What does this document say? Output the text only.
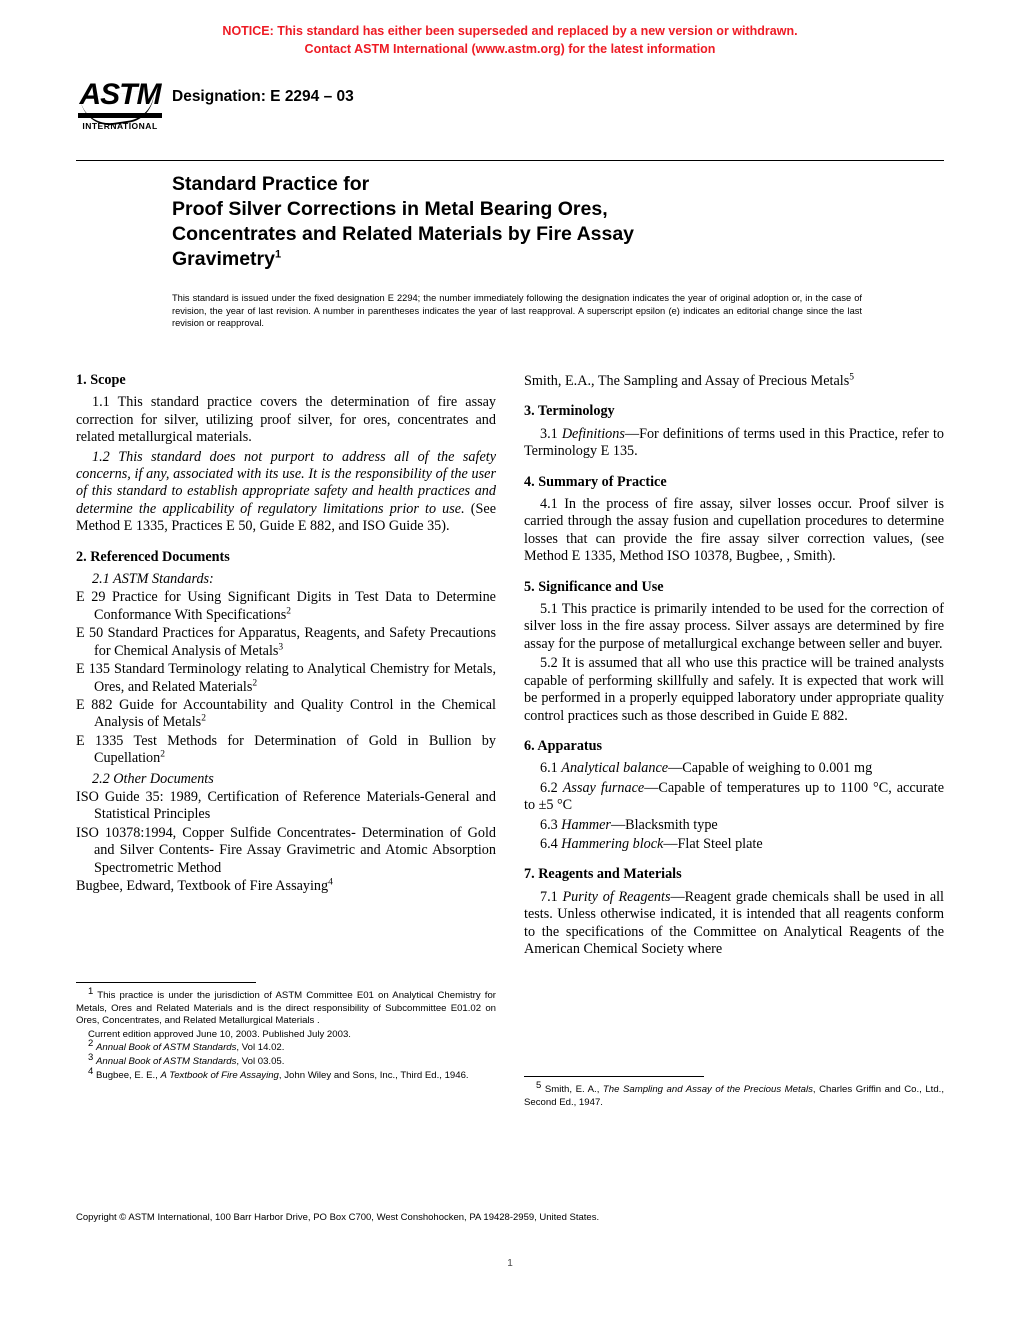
NOTICE: This standard has either been superseded and replaced by a new version or withdrawn.
Contact ASTM International (www.astm.org) for the latest information
ASTM
INTERNATIONAL
Designation: E 2294 – 03
Standard Practice for
Proof Silver Corrections in Metal Bearing Ores,
Concentrates and Related Materials by Fire Assay
Gravimetry$^1$
This standard is issued under the fixed designation E 2294; the number immediately following the designation indicates the year of original adoption or, in the case of revision, the year of last revision. A number in parentheses indicates the year of last reapproval. A superscript epsilon (e) indicates an editorial change since the last revision or reapproval.
1. Scope
1.1 This standard practice covers the determination of fire assay correction for silver, utilizing proof silver, for ores, concentrates and related metallurgical materials.
1.2 This standard does not purport to address all of the safety concerns, if any, associated with its use. It is the responsibility of the user of this standard to establish appropriate safety and health practices and determine the applicability of regulatory limitations prior to use. (See Method E 1335, Practices E 50, Guide E 882, and ISO Guide 35).
2. Referenced Documents
2.1 ASTM Standards:
E 29 Practice for Using Significant Digits in Test Data to Determine Conformance With Specifications$^2$
E 50 Standard Practices for Apparatus, Reagents, and Safety Precautions for Chemical Analysis of Metals$^3$
E 135 Standard Terminology relating to Analytical Chemistry for Metals, Ores, and Related Materials$^2$
E 882 Guide for Accountability and Quality Control in the Chemical Analysis of Metals$^2$
E 1335 Test Methods for Determination of Gold in Bullion by Cupellation$^2$
2.2 Other Documents
ISO Guide 35: 1989, Certification of Reference Materials-General and Statistical Principles
ISO 10378:1994, Copper Sulfide Concentrates- Determination of Gold and Silver Contents- Fire Assay Gravimetric and Atomic Absorption Spectrometric Method
Bugbee, Edward, Textbook of Fire Assaying$^4$
Smith, E.A., The Sampling and Assay of Precious Metals$^5$
3. Terminology
3.1 Definitions—For definitions of terms used in this Practice, refer to Terminology E 135.
4. Summary of Practice
4.1 In the process of fire assay, silver losses occur. Proof silver is carried through the assay fusion and cupellation procedures to determine losses that can provide the fire assay silver correction values, (see Method E 1335, Method ISO 10378, Bugbee, , Smith).
5. Significance and Use
5.1 This practice is primarily intended to be used for the correction of silver loss in the fire assay process. Silver assays are determined by fire assay for the purpose of metallurgical exchange between seller and buyer.
5.2 It is assumed that all who use this practice will be trained analysts capable of performing skillfully and safely. It is expected that work will be performed in a properly equipped laboratory under appropriate quality control practices such as those described in Guide E 882.
6. Apparatus
6.1 Analytical balance—Capable of weighing to 0.001 mg
6.2 Assay furnace—Capable of temperatures up to 1100 °C, accurate to ±5 °C
6.3 Hammer—Blacksmith type
6.4 Hammering block—Flat Steel plate
7. Reagents and Materials
7.1 Purity of Reagents—Reagent grade chemicals shall be used in all tests. Unless otherwise indicated, it is intended that all reagents conform to the specifications of the Committee on Analytical Reagents of the American Chemical Society where

$^1$ This practice is under the jurisdiction of ASTM Committee E01 on Analytical Chemistry for Metals, Ores and Related Materials and is the direct responsibility of Subcommittee E01.02 on Ores, Concentrates, and Related Metallurgical Materials .

Current edition approved June 10, 2003. Published July 2003.

$^2$ Annual Book of ASTM Standards, Vol 14.02.

$^3$ Annual Book of ASTM Standards, Vol 03.05.

$^4$ Bugbee, E. E., A Textbook of Fire Assaying, John Wiley and Sons, Inc., Third Ed., 1946.

$^5$ Smith, E. A., The Sampling and Assay of the Precious Metals, Charles Griffin and Co., Ltd., Second Ed., 1947.

Copyright © ASTM International, 100 Barr Harbor Drive, PO Box C700, West Conshohocken, PA 19428-2959, United States.
1
